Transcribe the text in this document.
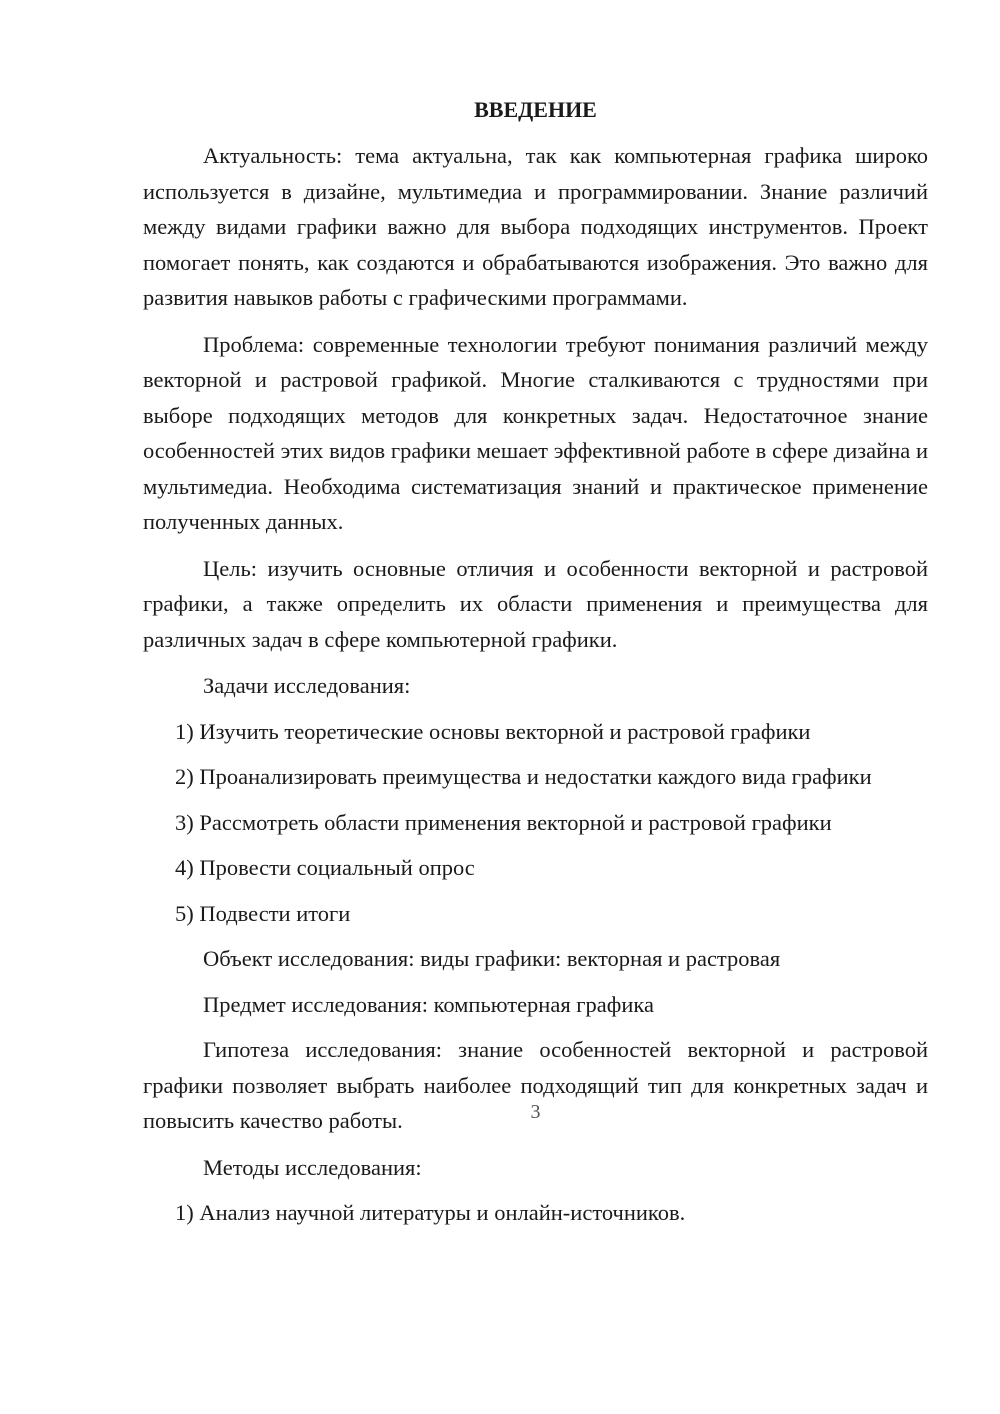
ВВЕДЕНИЕ

Актуальность: тема актуальна, так как компьютерная графика широко используется в дизайне, мультимедиа и программировании. Знание различий между видами графики важно для выбора подходящих инструментов. Проект помогает понять, как создаются и обрабатываются изображения. Это важно для развития навыков работы с графическими программами.

Проблема: современные технологии требуют понимания различий между векторной и растровой графикой. Многие сталкиваются с трудностями при выборе подходящих методов для конкретных задач. Недостаточное знание особенностей этих видов графики мешает эффективной работе в сфере дизайна и мультимедиа. Необходима систематизация знаний и практическое применение полученных данных.

Цель: изучить основные отличия и особенности векторной и растровой графики, а также определить их области применения и преимущества для различных задач в сфере компьютерной графики.

Задачи исследования:

1) Изучить теоретические основы векторной и растровой графики

2) Проанализировать преимущества и недостатки каждого вида графики

3) Рассмотреть области применения векторной и растровой графики

4) Провести социальный опрос

5) Подвести итоги

Объект исследования: виды графики: векторная и растровая

Предмет исследования: компьютерная графика

Гипотеза исследования: знание особенностей векторной и растровой графики позволяет выбрать наиболее подходящий тип для конкретных задач и повысить качество работы.

Методы исследования:

1) Анализ научной литературы и онлайн-источников.

3
